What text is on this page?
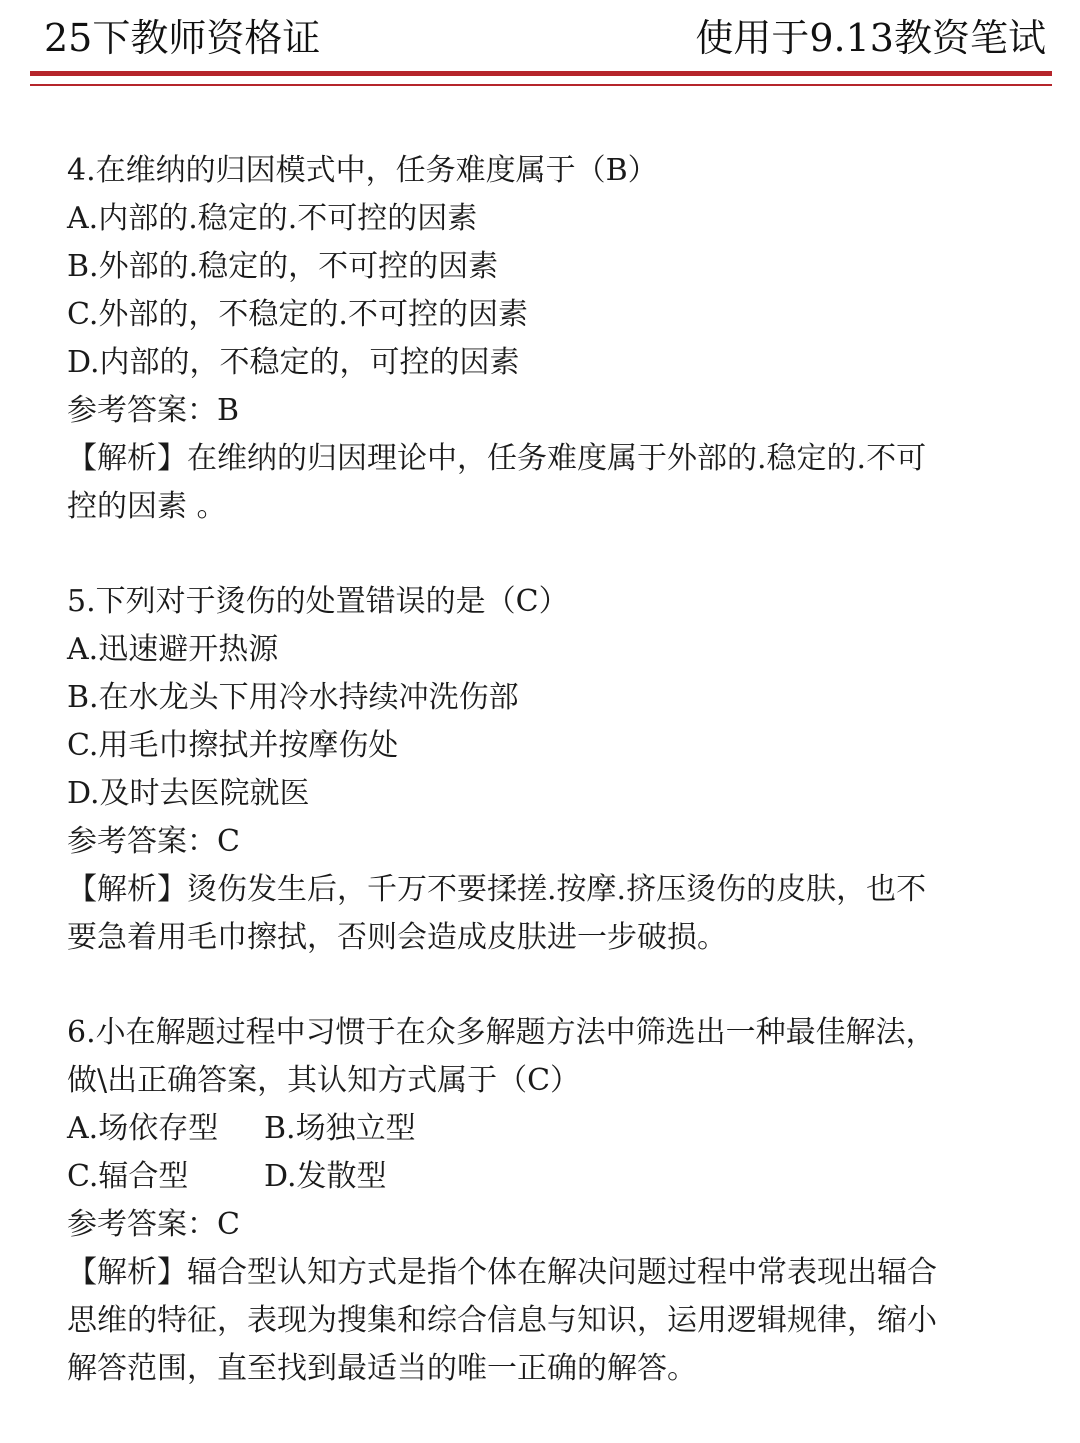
25下教师资格证	使用于9.13教资笔试
4.在维纳的归因模式中，任务难度属于（B）
A.内部的.稳定的.不可控的因素
B.外部的.稳定的，不可控的因素
C.外部的，不稳定的.不可控的因素
D.内部的，不稳定的，可控的因素
参考答案：B
【解析】在维纳的归因理论中，任务难度属于外部的.稳定的.不可
控的因素 。
5.下列对于烫伤的处置错误的是（C）
A.迅速避开热源
B.在水龙头下用冷水持续冲洗伤部
C.用毛巾擦拭并按摩伤处
D.及时去医院就医
参考答案：C
【解析】烫伤发生后，千万不要揉搓.按摩.挤压烫伤的皮肤，也不
要急着用毛巾擦拭，否则会造成皮肤进一步破损。
6.小在解题过程中习惯于在众多解题方法中筛选出一种最佳解法，
做\出正确答案，其认知方式属于（C）
A.场依存型 B.场独立型
C.辐合型	D.发散型
参考答案：C
【解析】辐合型认知方式是指个体在解决问题过程中常表现出辐合
思维的特征，表现为搜集和综合信息与知识，运用逻辑规律，缩小
解答范围，直至找到最适当的唯一正确的解答。
